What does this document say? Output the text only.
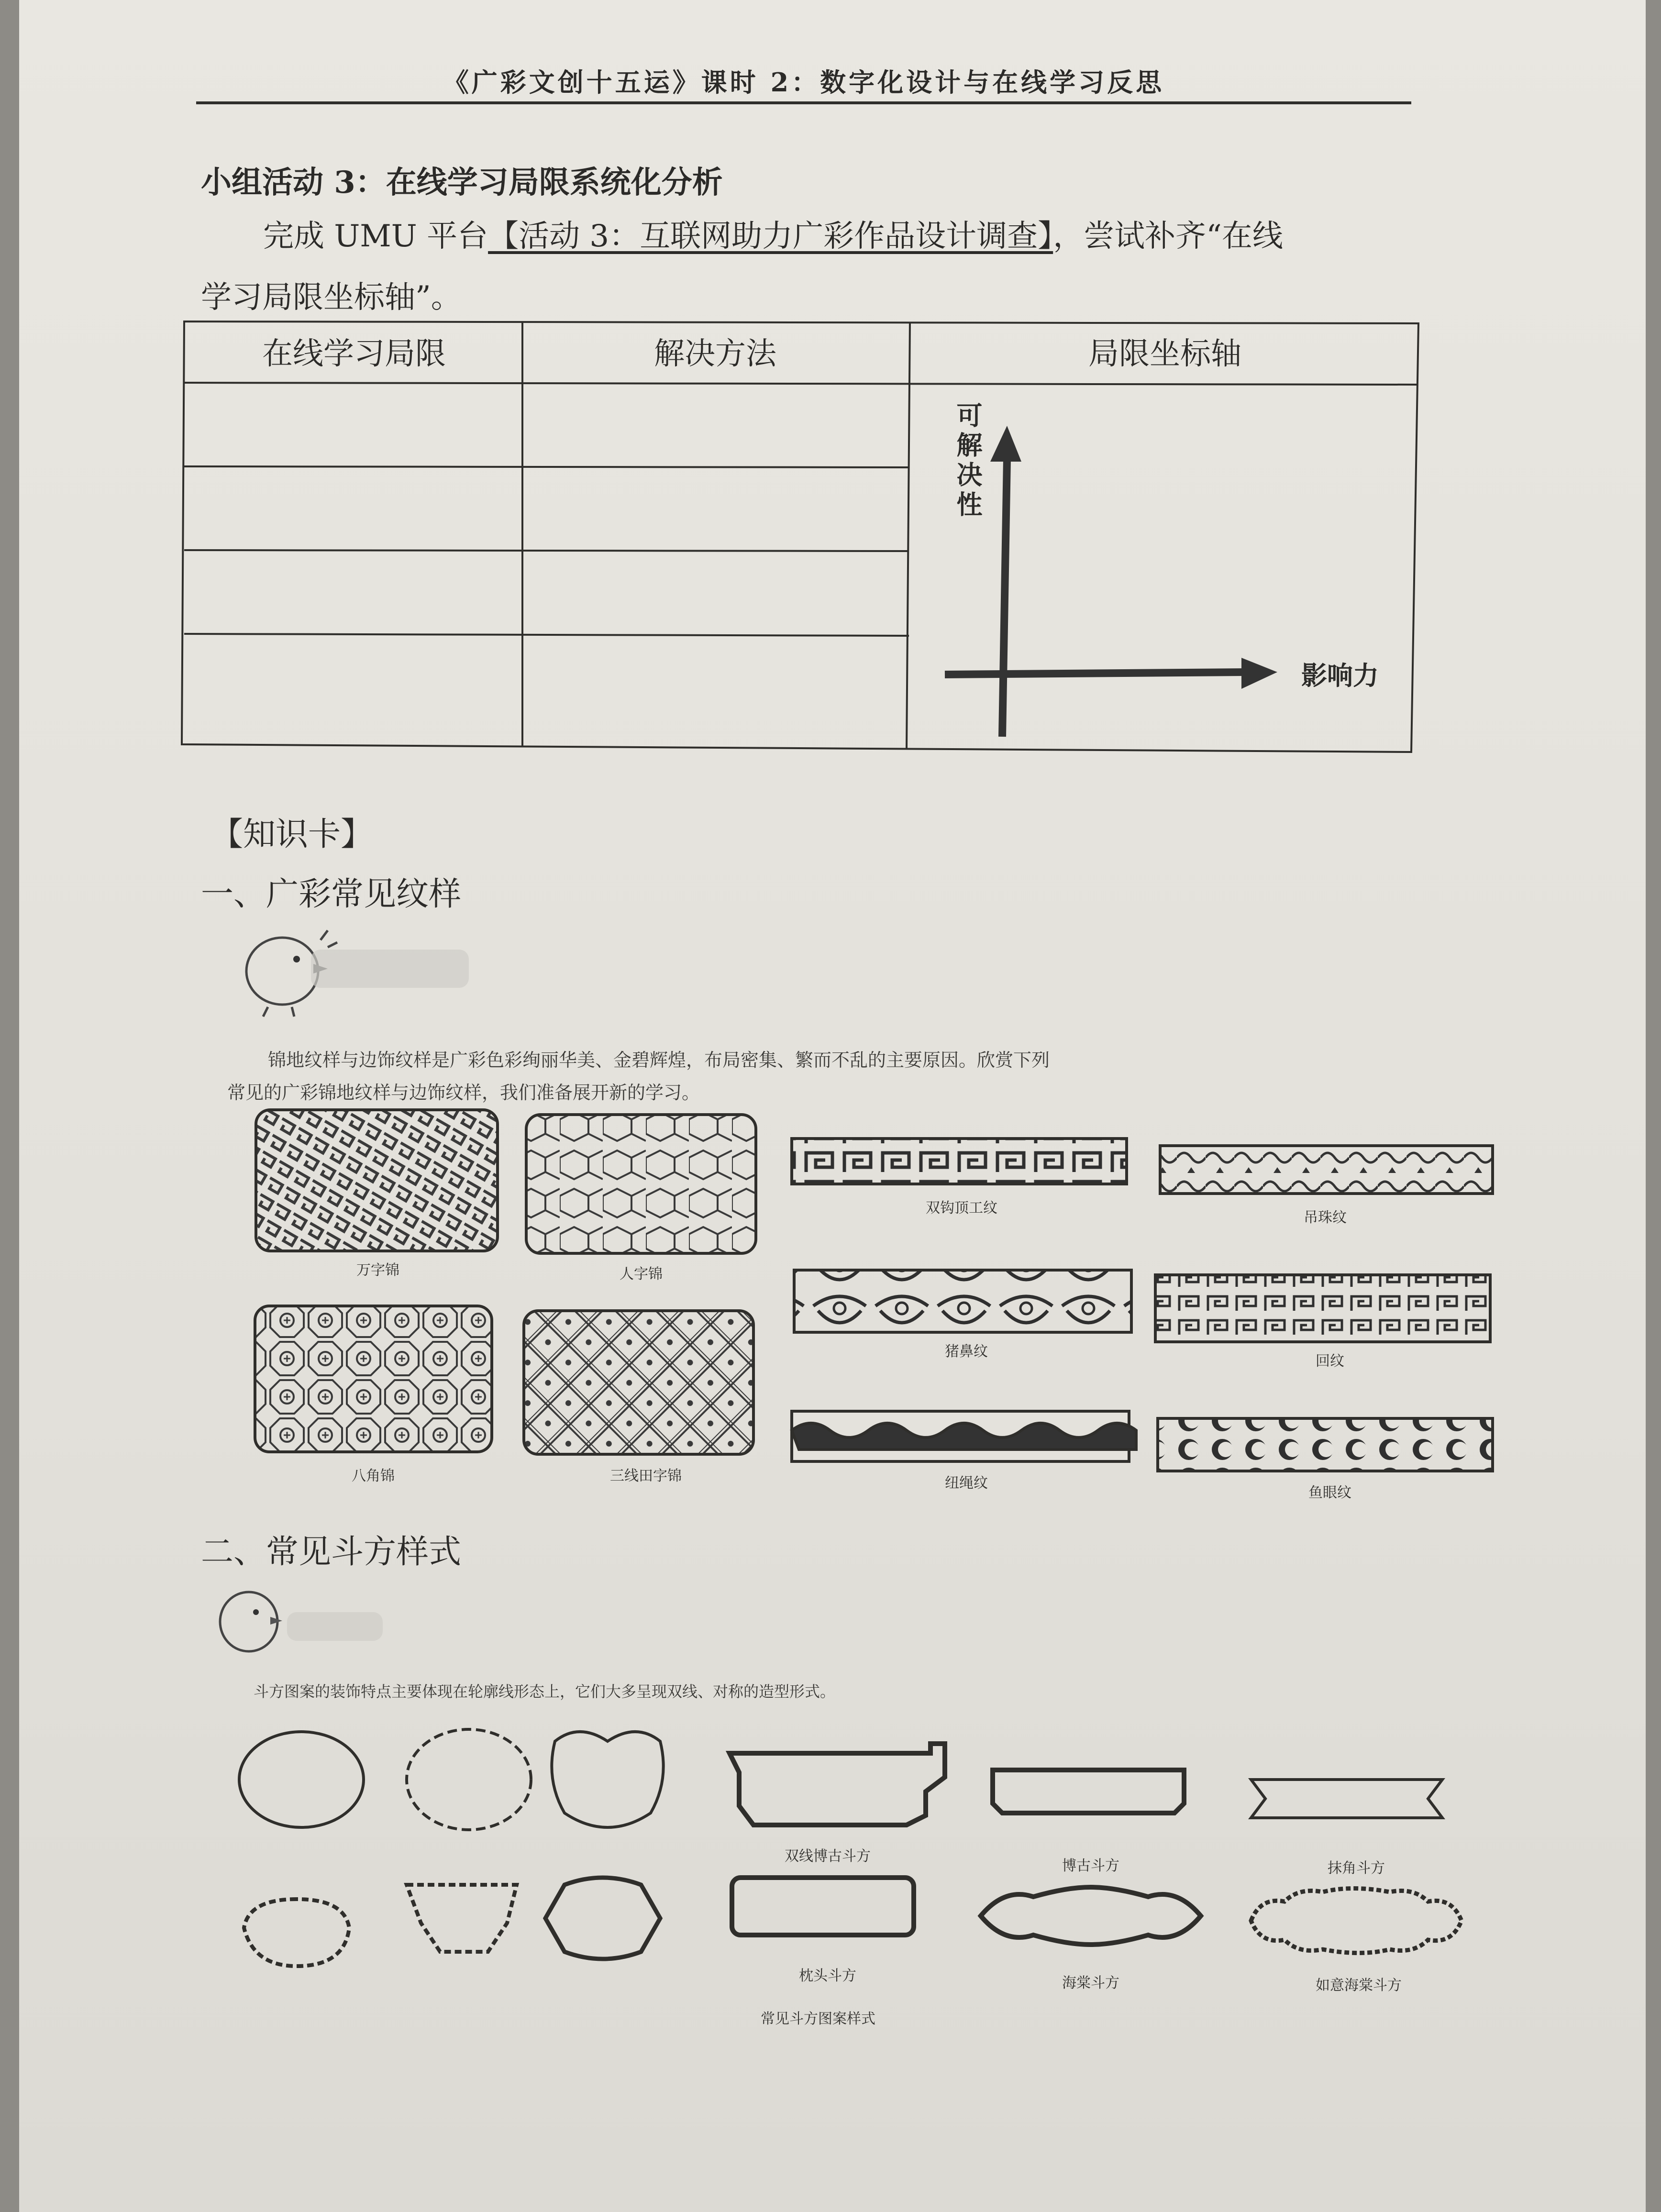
《广彩文创十五运》课时 2：数字化设计与在线学习反思
小组活动 3：在线学习局限系统化分析
完成 UMU 平台【活动 3：互联网助力广彩作品设计调查】，尝试补齐“在线
学习局限坐标轴”。
在线学习局限	解决方法	局限坐标轴
可解决性
影响力
【知识卡】
一、广彩常见纹样
锦地纹样与边饰纹样是广彩色彩绚丽华美、金碧辉煌，布局密集、繁而不乱的主要原因。欣赏下列
常见的广彩锦地纹样与边饰纹样，我们准备展开新的学习。
万字锦	人字锦
双钩顶工纹
吊珠纹
八角锦	三线田字锦
猪鼻纹
回纹
纽绳纹
鱼眼纹
二、常见斗方样式
斗方图案的装饰特点主要体现在轮廓线形态上，它们大多呈现双线、对称的造型形式。
双线博古斗方
博古斗方	抹角斗方
枕头斗方	海棠斗方	如意海棠斗方
常见斗方图案样式
